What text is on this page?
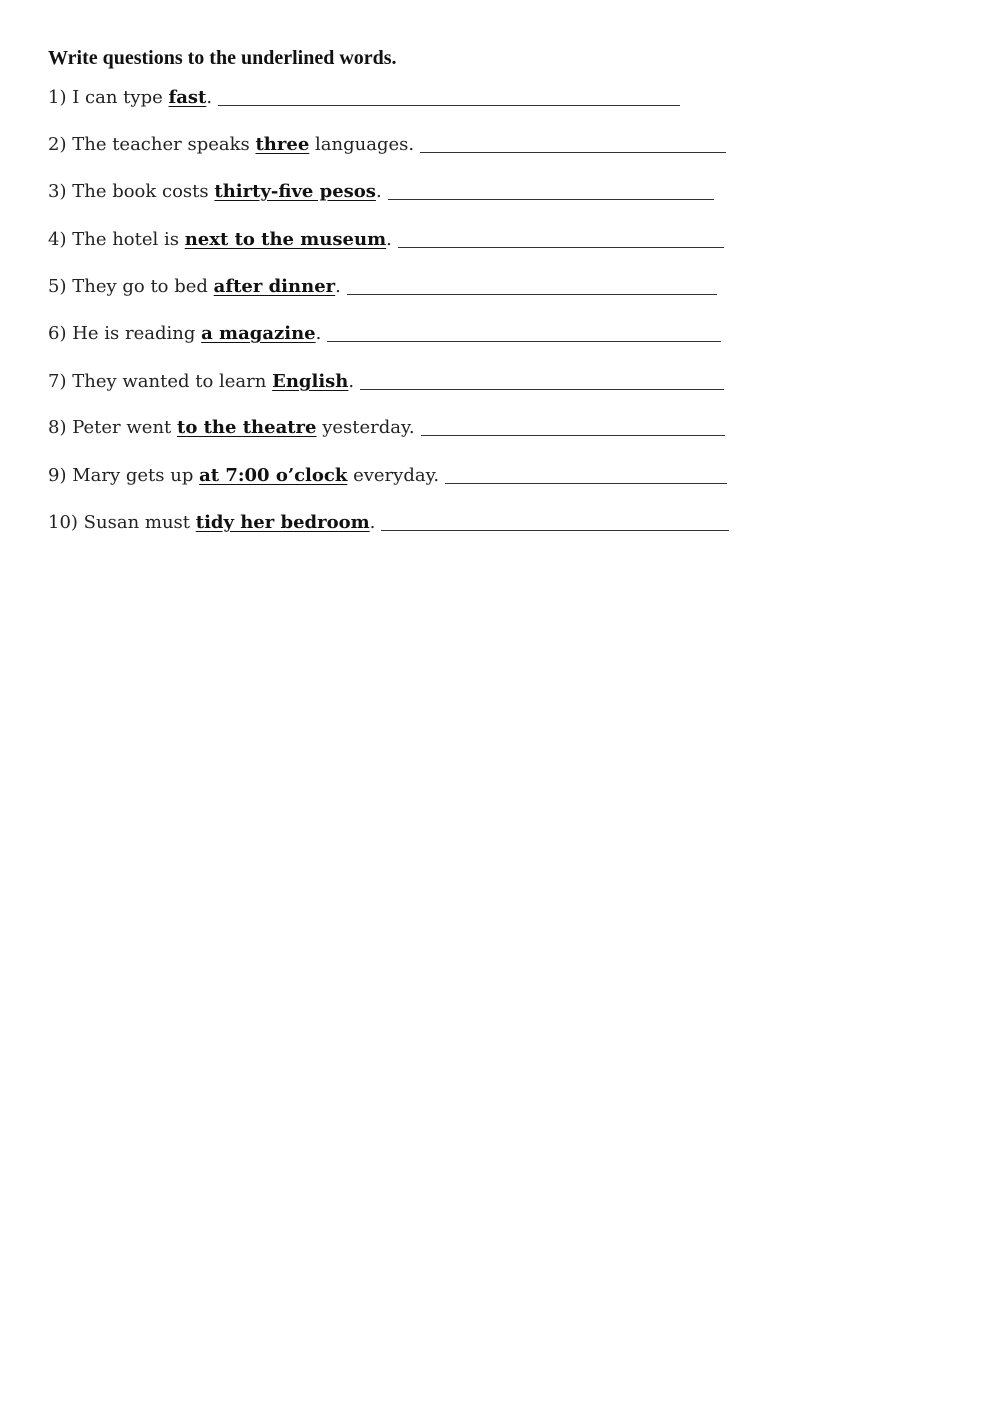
Write questions to the underlined words.
1)
I can type
fast .
2)
The teacher speaks
three
languages.
3)
The book costs
thirty-five pesos .
4)
The hotel is
next to the museum .
5)
They go to bed
after dinner .
6)
He is reading
a magazine .
7)
They wanted to learn
English .
8)
Peter went
to the theatre
yesterday.
9)
Mary gets up
at 7:00 o’clock
everyday.
10)
Susan must
tidy her bedroom .
